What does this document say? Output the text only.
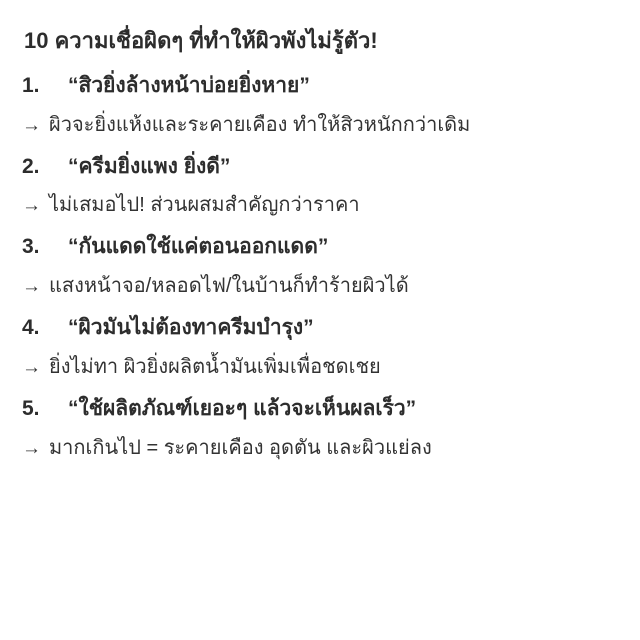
10 ความเชื่อผิดๆ ที่ทำให้ผิวพังไม่รู้ตัว!
1.	“สิวยิ่งล้างหน้าบ่อยยิ่งหาย”
→ ผิวจะยิ่งแห้งและระคายเคือง ทำให้สิวหนักกว่าเดิม
2.	“ครีมยิ่งแพง ยิ่งดี”
→ ไม่เสมอไป! ส่วนผสมสำคัญกว่าราคา
3.	“กันแดดใช้แค่ตอนออกแดด”
→ แสงหน้าจอ/หลอดไฟ/ในบ้านก็ทำร้ายผิวได้
4.	“ผิวมันไม่ต้องทาครีมบำรุง”
→ ยิ่งไม่ทา ผิวยิ่งผลิตน้ำมันเพิ่มเพื่อชดเชย
5.	“ใช้ผลิตภัณฑ์เยอะๆ แล้วจะเห็นผลเร็ว”
→ มากเกินไป = ระคายเคือง อุดตัน และผิวแย่ลง
